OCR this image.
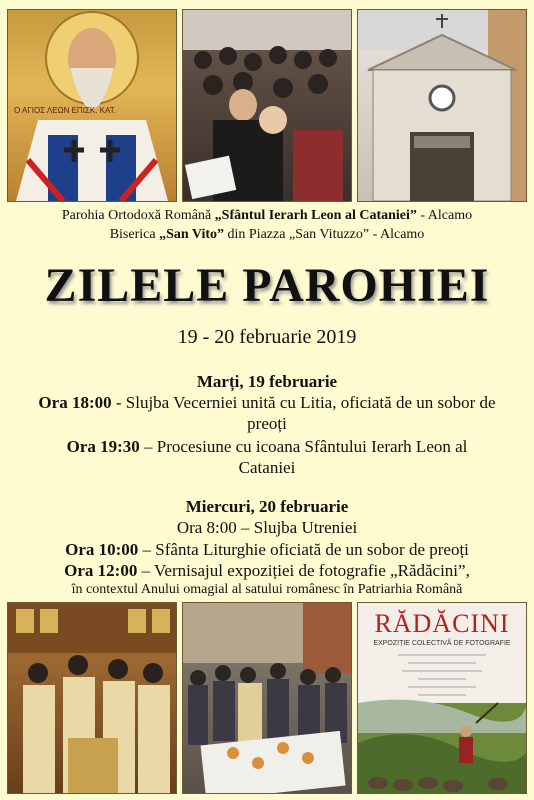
Ο ΑΓΙΟΣ ΛΕΩΝ ΕΠΙΣΚ. ΚΑΤ.
Parohia Ortodoxă Română „Sfântul Ierarh Leon al Cataniei” - Alcamo
Biserica „San Vito” din Piazza „San Vituzzo” - Alcamo
ZILELE PAROHIEI
19 - 20 februarie 2019
Marți, 19 februarie
Ora 18:00 - Slujba Vecerniei unită cu Litia, oficiată de un sobor de
preoți
Ora 19:30 – Procesiune cu icoana Sfântului Ierarh Leon al
Cataniei
Miercuri, 20 februarie
Ora 8:00 – Slujba Utreniei
Ora 10:00 – Sfânta Liturghie oficiată de un sobor de preoți
Ora 12:00 – Vernisajul expoziției de fotografie „Rădăcini”,
în contextul Anului omagial al satului românesc în Patriarhia Română
RĂDĂCINI
EXPOZIȚIE COLECTIVĂ DE FOTOGRAFIE
